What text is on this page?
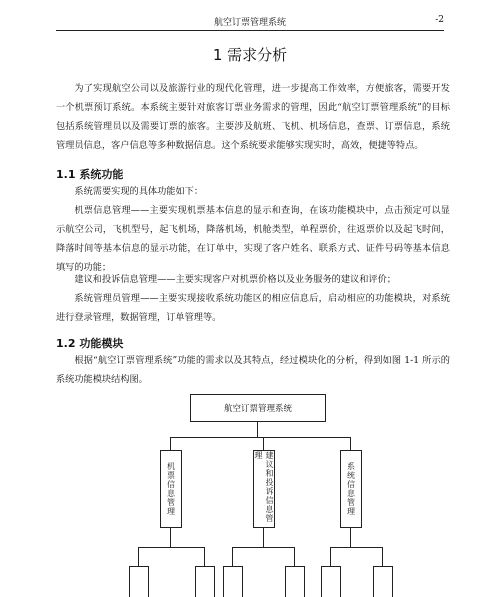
航空订票管理系统	-2
1 需求分析

为了实现航空公司以及旅游行业的现代化管理，进一步提高工作效率，方便旅客，需要开发一个机票预订系统。本系统主要针对旅客订票业务需求的管理，因此“航空订票管理系统”的目标包括系统管理员以及需要订票的旅客。主要涉及航班、飞机、机场信息，查票、订票信息，系统管理员信息，客户信息等多种数据信息。这个系统要求能够实现实时，高效，便捷等特点。

1.1 系统功能

系统需要实现的具体功能如下：

机票信息管理——主要实现机票基本信息的显示和查询，在该功能模块中，点击预定可以显示航空公司，飞机型号，起飞机场，降落机场，机舱类型，单程票价，往返票价以及起飞时间，降落时间等基本信息的显示功能，在订单中，实现了客户姓名、联系方式、证件号码等基本信息填写的功能；

建议和投诉信息管理——主要实现客户对机票价格以及业务服务的建议和评价；

系统管理员管理——主要实现接收系统功能区的相应信息后，启动相应的功能模块，对系统进行登录管理，数据管理，订单管理等。

1.2 功能模块

根据“航空订票管理系统”功能的需求以及其特点，经过模块化的分析，得到如图 1-1 所示的系统功能模块结构图。

航空订票管理系统
机票信息管理	建议和投诉信息管理
系统信息管理
